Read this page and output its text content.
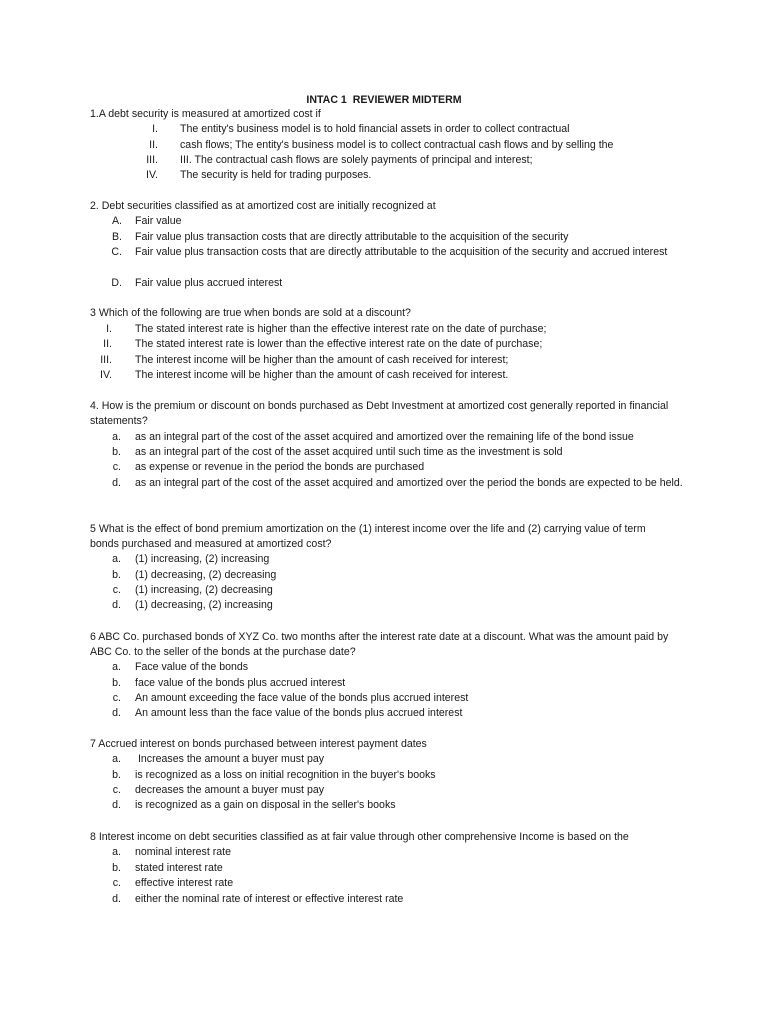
INTAC 1  REVIEWER MIDTERM
1.A debt security is measured at amortized cost if
I. The entity's business model is to hold financial assets in order to collect contractual
II. cash flows; The entity's business model is to collect contractual cash flows and by selling the
III. III. The contractual cash flows are solely payments of principal and interest;
IV. The security is held for trading purposes.
2. Debt securities classified as at amortized cost are initially recognized at
A. Fair value
B. Fair value plus transaction costs that are directly attributable to the acquisition of the security
C. Fair value plus transaction costs that are directly attributable to the acquisition of the security and accrued interest
D. Fair value plus accrued interest
3 Which of the following are true when bonds are sold at a discount?
I. The stated interest rate is higher than the effective interest rate on the date of purchase;
II. The stated interest rate is lower than the effective interest rate on the date of purchase;
III. The interest income will be higher than the amount of cash received for interest;
IV. The interest income will be higher than the amount of cash received for interest.
4. How is the premium or discount on bonds purchased as Debt Investment at amortized cost generally reported in financial statements?
a. as an integral part of the cost of the asset acquired and amortized over the remaining life of the bond issue
b. as an integral part of the cost of the asset acquired until such time as the investment is sold
c. as expense or revenue in the period the bonds are purchased
d. as an integral part of the cost of the asset acquired and amortized over the period the bonds are expected to be held.
5 What is the effect of bond premium amortization on the (1) interest income over the life and (2) carrying value of term bonds purchased and measured at amortized cost?
a. (1) increasing, (2) increasing
b. (1) decreasing, (2) decreasing
c. (1) increasing, (2) decreasing
d. (1) decreasing, (2) increasing
6 ABC Co. purchased bonds of XYZ Co. two months after the interest rate date at a discount. What was the amount paid by ABC Co. to the seller of the bonds at the purchase date?
a. Face value of the bonds
b. face value of the bonds plus accrued interest
c. An amount exceeding the face value of the bonds plus accrued interest
d. An amount less than the face value of the bonds plus accrued interest
7 Accrued interest on bonds purchased between interest payment dates
a. Increases the amount a buyer must pay
b. is recognized as a loss on initial recognition in the buyer's books
c. decreases the amount a buyer must pay
d. is recognized as a gain on disposal in the seller's books
8 Interest income on debt securities classified as at fair value through other comprehensive Income is based on the
a. nominal interest rate
b. stated interest rate
c. effective interest rate
d. either the nominal rate of interest or effective interest rate
